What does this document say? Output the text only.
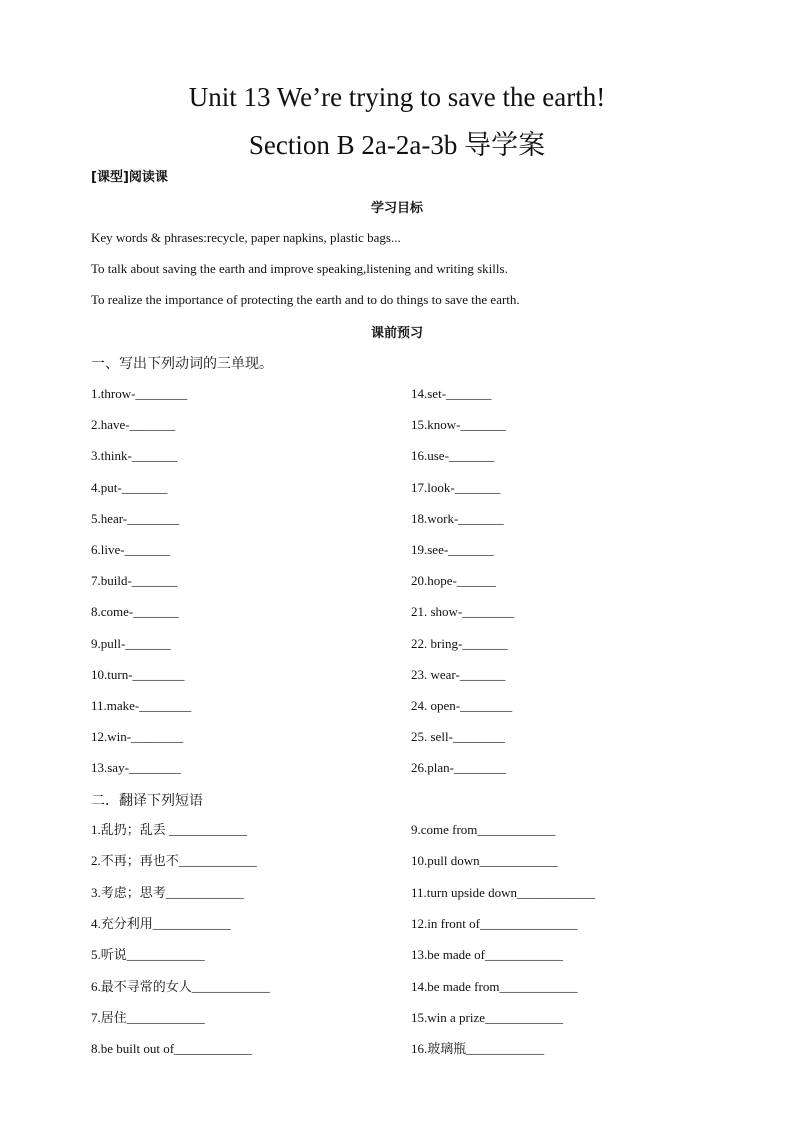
Unit 13 We’re trying to save the earth!
Section B 2a-2a-3b 导学案
[课型]阅读课
学习目标
Key words & phrases:recycle, paper napkins, plastic bags...
To talk about saving the earth and improve speaking,listening and writing skills.
To realize the importance of protecting the earth and to do things to save the earth.
课前预习
一、写出下列动词的三单现。
1.throw-________
2.have-_______
3.think-_______
4.put-_______
5.hear-________
6.live-_______
7.build-_______
8.come-_______
9.pull-_______
10.turn-________
11.make-________
12.win-________
13.say-________
14.set-_______
15.know-_______
16.use-_______
17.look-_______
18.work-_______
19.see-_______
20.hope-______
21. show-________
22. bring-_______
23. wear-_______
24. open-________
25. sell-________
26.plan-________
二．翻译下列短语
1.乱扔；乱丢 ____________
2.不再；再也不____________
3.考虑；思考____________
4.充分利用____________
5.听说____________
6.最不寻常的女人____________
7.居住____________
8.be built out of____________
9.come from____________
10.pull down____________
11.turn upside down____________
12.in front of_______________
13.be made of____________
14.be made from____________
15.win a prize____________
16.玻璃瓶____________
